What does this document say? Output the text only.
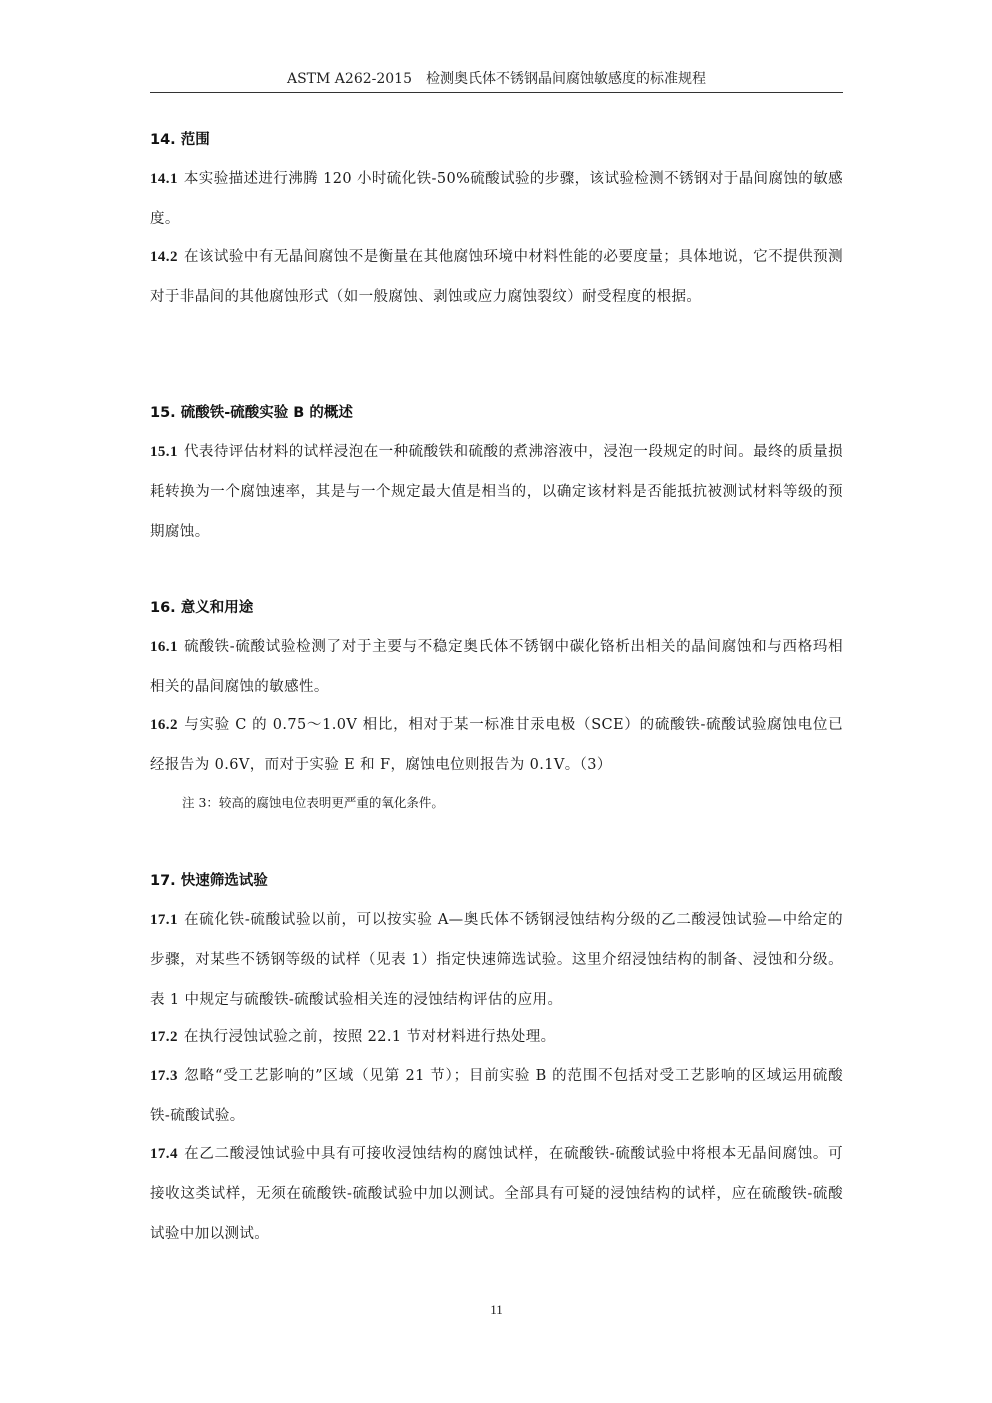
ASTM A262-2015　检测奥氏体不锈钢晶间腐蚀敏感度的标准规程
14. 范围
14.1 本实验描述进行沸腾 120 小时硫化铁-50%硫酸试验的步骤，该试验检测不锈钢对于晶间腐蚀的敏感度。
14.2 在该试验中有无晶间腐蚀不是衡量在其他腐蚀环境中材料性能的必要度量；具体地说，它不提供预测对于非晶间的其他腐蚀形式（如一般腐蚀、剥蚀或应力腐蚀裂纹）耐受程度的根据。
15. 硫酸铁-硫酸实验 B 的概述
15.1 代表待评估材料的试样浸泡在一种硫酸铁和硫酸的煮沸溶液中，浸泡一段规定的时间。最终的质量损耗转换为一个腐蚀速率，其是与一个规定最大值是相当的，以确定该材料是否能抵抗被测试材料等级的预期腐蚀。
16. 意义和用途
16.1 硫酸铁-硫酸试验检测了对于主要与不稳定奥氏体不锈钢中碳化铬析出相关的晶间腐蚀和与西格玛相相关的晶间腐蚀的敏感性。
16.2 与实验 C 的 0.75～1.0V 相比，相对于某一标准甘汞电极（SCE）的硫酸铁-硫酸试验腐蚀电位已经报告为 0.6V，而对于实验 E 和 F，腐蚀电位则报告为 0.1V。（3）
注 3：较高的腐蚀电位表明更严重的氧化条件。
17. 快速筛选试验
17.1 在硫化铁-硫酸试验以前，可以按实验 A—奥氏体不锈钢浸蚀结构分级的乙二酸浸蚀试验—中给定的步骤，对某些不锈钢等级的试样（见表 1）指定快速筛选试验。这里介绍浸蚀结构的制备、浸蚀和分级。表 1 中规定与硫酸铁-硫酸试验相关连的浸蚀结构评估的应用。
17.2 在执行浸蚀试验之前，按照 22.1 节对材料进行热处理。
17.3 忽略“受工艺影响的”区域（见第 21 节）；目前实验 B 的范围不包括对受工艺影响的区域运用硫酸铁-硫酸试验。
17.4 在乙二酸浸蚀试验中具有可接收浸蚀结构的腐蚀试样，在硫酸铁-硫酸试验中将根本无晶间腐蚀。可接收这类试样，无须在硫酸铁-硫酸试验中加以测试。全部具有可疑的浸蚀结构的试样，应在硫酸铁-硫酸试验中加以测试。
11
